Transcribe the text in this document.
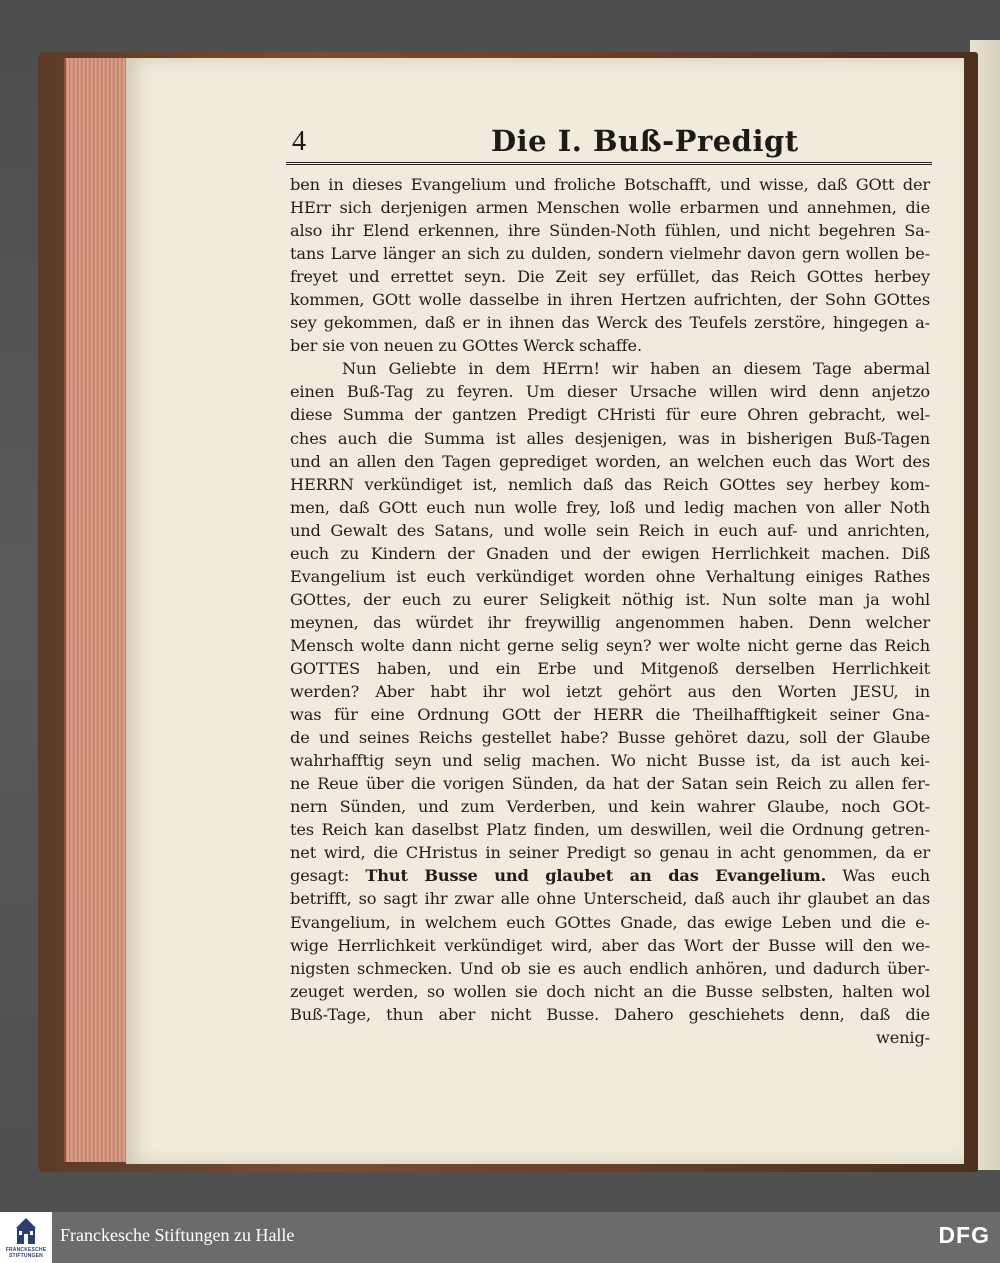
4	Die I. Buß-Predigt
ben in dieses Evangelium und froliche Botschafft, und wisse, daß GOtt der
HErr sich derjenigen armen Menschen wolle erbarmen und annehmen, die
also ihr Elend erkennen, ihre Sünden-Noth fühlen, und nicht begehren Sa-
tans Larve länger an sich zu dulden, sondern vielmehr davon gern wollen be-
freyet und errettet seyn. Die Zeit sey erfüllet, das Reich GOttes herbey
kommen, GOtt wolle dasselbe in ihren Hertzen aufrichten, der Sohn GOttes
sey gekommen, daß er in ihnen das Werck des Teufels zerstöre, hingegen a-
ber sie von neuen zu GOttes Werck schaffe.
Nun Geliebte in dem HErrn! wir haben an diesem Tage abermal
einen Buß-Tag zu feyren. Um dieser Ursache willen wird denn anjetzo
diese Summa der gantzen Predigt CHristi für eure Ohren gebracht, wel-
ches auch die Summa ist alles desjenigen, was in bisherigen Buß-Tagen
und an allen den Tagen geprediget worden, an welchen euch das Wort des
HERRN verkündiget ist, nemlich daß das Reich GOttes sey herbey kom-
men, daß GOtt euch nun wolle frey, loß und ledig machen von aller Noth
und Gewalt des Satans, und wolle sein Reich in euch auf- und anrichten,
euch zu Kindern der Gnaden und der ewigen Herrlichkeit machen. Diß
Evangelium ist euch verkündiget worden ohne Verhaltung einiges Rathes
GOttes, der euch zu eurer Seligkeit nöthig ist. Nun solte man ja wohl
meynen, das würdet ihr freywillig angenommen haben. Denn welcher
Mensch wolte dann nicht gerne selig seyn? wer wolte nicht gerne das Reich
GOTTES haben, und ein Erbe und Mitgenoß derselben Herrlichkeit
werden? Aber habt ihr wol ietzt gehört aus den Worten JESU, in
was für eine Ordnung GOtt der HERR die Theilhafftigkeit seiner Gna-
de und seines Reichs gestellet habe? Busse gehöret dazu, soll der Glaube
wahrhafftig seyn und selig machen. Wo nicht Busse ist, da ist auch kei-
ne Reue über die vorigen Sünden, da hat der Satan sein Reich zu allen fer-
nern Sünden, und zum Verderben, und kein wahrer Glaube, noch GOt-
tes Reich kan daselbst Platz finden, um deswillen, weil die Ordnung getren-
net wird, die CHristus in seiner Predigt so genau in acht genommen, da er
gesagt: Thut Busse und glaubet an das Evangelium. Was euch
betrifft, so sagt ihr zwar alle ohne Unterscheid, daß auch ihr glaubet an das
Evangelium, in welchem euch GOttes Gnade, das ewige Leben und die e-
wige Herrlichkeit verkündiget wird, aber das Wort der Busse will den we-
nigsten schmecken. Und ob sie es auch endlich anhören, und dadurch über-
zeuget werden, so wollen sie doch nicht an die Busse selbsten, halten wol
Buß-Tage, thun aber nicht Busse. Dahero geschiehets denn, daß die
wenig-
FRANCKESCHE
STIFTUNGEN
Franckesche Stiftungen zu Halle	DFG
